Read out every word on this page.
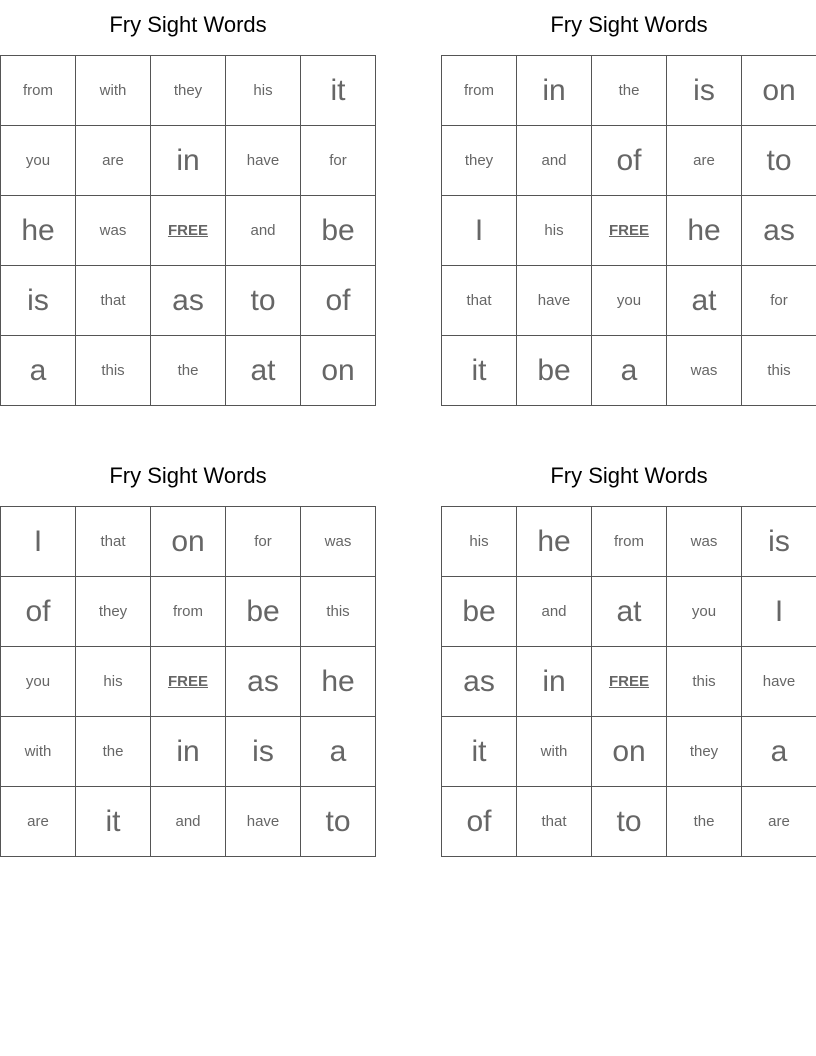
Fry Sight Words
from	with	they	his	it
you	are	in	have	for
he	was	FREE	and	be
is	that	as	to	of
a	this	the	at	on
Fry Sight Words
from	in	the	is	on
they	and	of	are	to
I	his	FREE	he	as
that	have	you	at	for
it	be	a	was	this
Fry Sight Words
I	that	on	for	was
of	they	from	be	this
you	his	FREE	as	he
with	the	in	is	a
are	it	and	have	to
Fry Sight Words
his	he	from	was	is
be	and	at	you	I
as	in	FREE	this	have
it	with	on	they	a
of	that	to	the	are
